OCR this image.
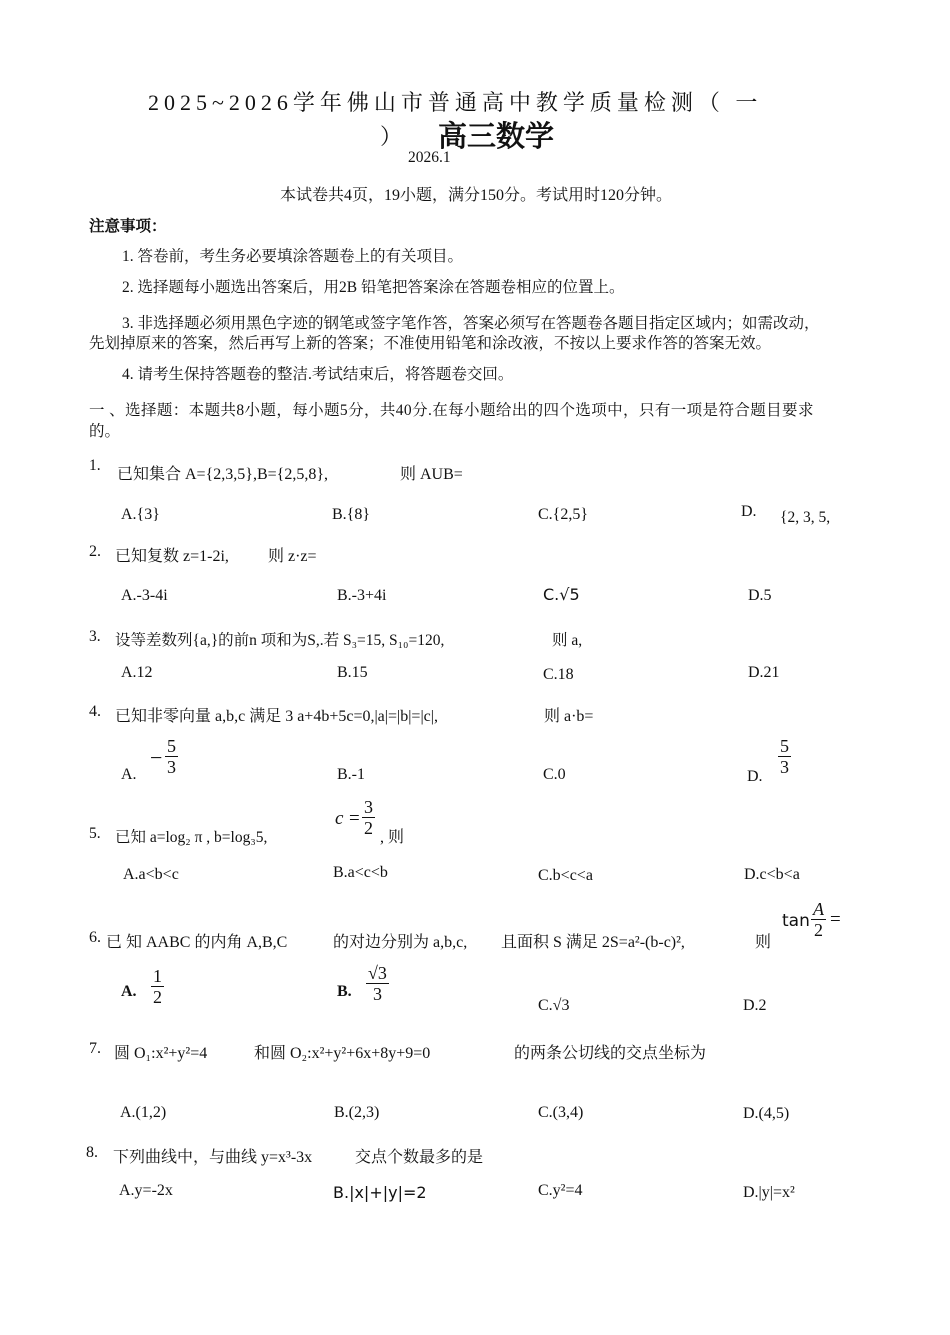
2025~2026学年佛山市普通高中教学质量检测（ 一
） 高三数学
2026.1
本试卷共4页，19小题，满分150分。考试用时120分钟。
注意事项：
1. 答卷前，考生务必要填涂答题卷上的有关项目。
2. 选择题每小题选出答案后，用2B 铅笔把答案涂在答题卷相应的位置上。
3. 非选择题必须用黑色字迹的钢笔或签字笔作答，答案必须写在答题卷各题目指定区域内；如需改动，
先划掉原来的答案，然后再写上新的答案；不准使用铅笔和涂改液，不按以上要求作答的答案无效。
4. 请考生保持答题卷的整洁.考试结束后，将答题卷交回。
一 、选择题：本题共8小题，每小题5分，共40分.在每小题给出的四个选项中，只有一项是符合题目要求
的。
1.
已知集合 A={2,3,5},B={2,5,8},	则 AUB=
A.{3}	B.{8}	C.{2,5}	D. {2, 3, 5,
2. 已知复数 z=1-2i, 则 z·z=
A.-3-4i	B.-3+4i	C.√5	D.5
3. 设等差数列{a,}的前n 项和为S,.若 S₃=15, S₁₀=120,	则 a,
A.12	B.15	C.18	D.21
4. 已知非零向量 a,b,c 满足 3 a+4b+5c=0,|a|=|b|=|c|,	则 a·b=
A.
− 5
3	B.-1	C.0	D.
5
3
5. 已知 a=log₂ π , b=log₃5,
c =
3
2 , 则
A.a<b<c	B.a<c<b	C.b<c<a	D.c<b<a
6. 已 知 AABC 的内角 A,B,C	的对边分别为 a,b,c, 且面积 S 满足 2S=a²-(b-c)²,	则
tan
A
2 =
A.
1
2	B.
√3
3
C.√3	D.2
7. 圆 O₁:x²+y²=4	和圆 O₂:x²+y²+6x+8y+9=0	的两条公切线的交点坐标为
A.(1,2)	B.(2,3)	C.(3,4)	D.(4,5)
8. 下列曲线中，与曲线 y=x³-3x	交点个数最多的是
A.y=-2x	B.|x|+|y|=2	C.y²=4	D.|y|=x²
